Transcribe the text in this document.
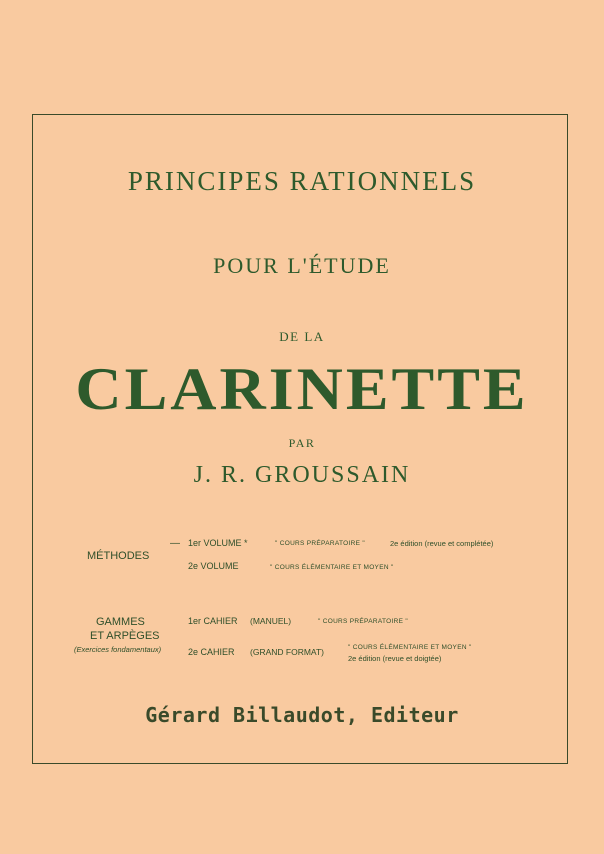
PRINCIPES RATIONNELS
POUR L'ÉTUDE
DE LA
CLARINETTE
PAR
J. R. GROUSSAIN
MÉTHODES
— 1er VOLUME *	" COURS PRÉPARATOIRE "	2e édition (revue et complétée)
2e VOLUME	" COURS ÉLÉMENTAIRE ET MOYEN "
GAMMES
ET ARPÈGES
(Exercices fondamentaux)
1er CAHIER (MANUEL)	" COURS PRÉPARATOIRE "
2e CAHIER (GRAND FORMAT)	" COURS ÉLÉMENTAIRE ET MOYEN "
2e édition (revue et doigtée)
Gérard Billaudot, Editeur
